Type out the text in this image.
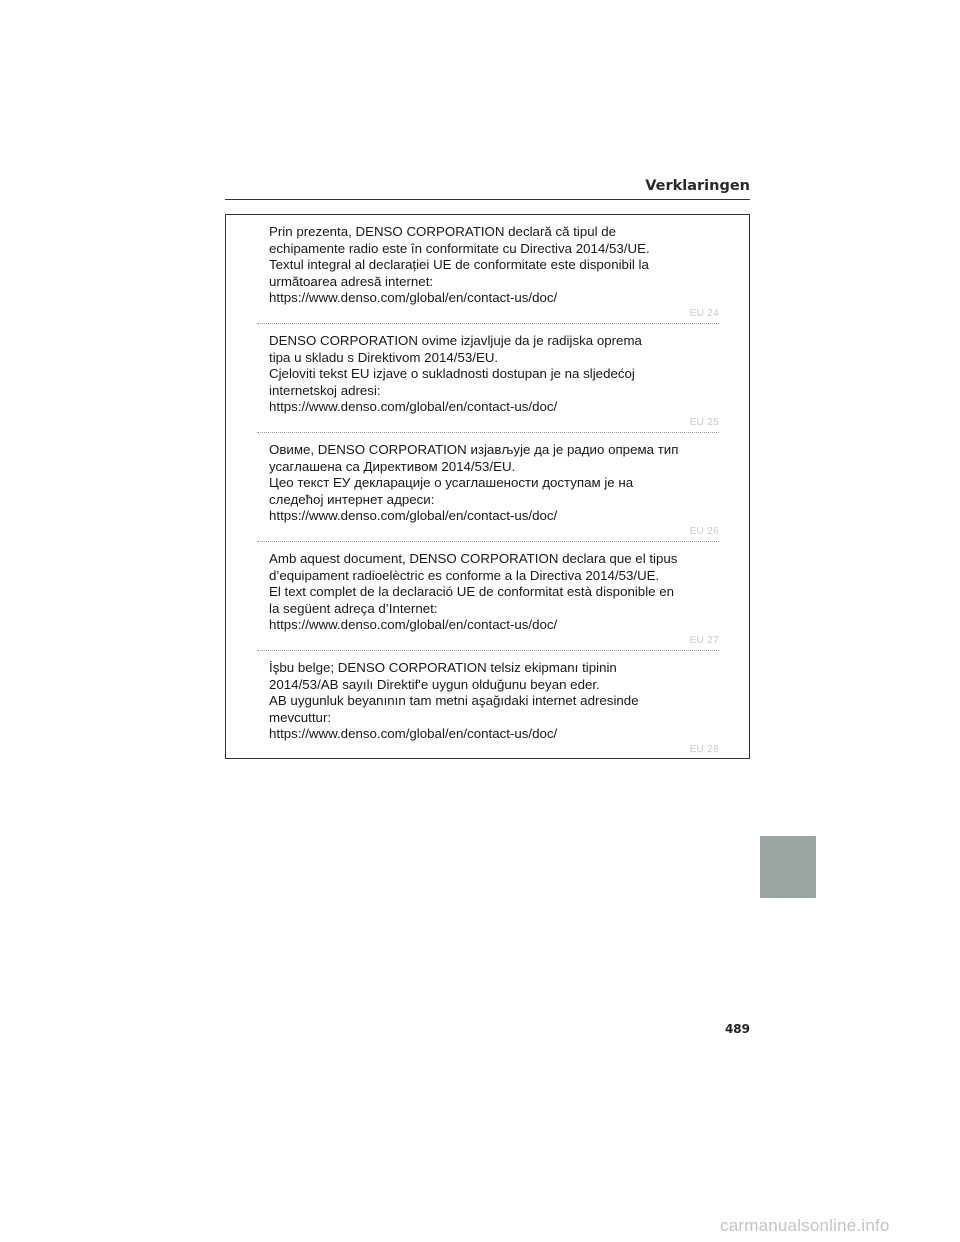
Verklaringen

Prin prezenta, DENSO CORPORATION declară că tipul de
echipamente radio este în conformitate cu Directiva 2014/53/UE.
Textul integral al declarației UE de conformitate este disponibil la
următoarea adresă internet:
https://www.denso.com/global/en/contact-us/doc/

EU 24

DENSO CORPORATION ovime izjavljuje da je radijska oprema
tipa u skladu s Direktivom 2014/53/EU.
Cjeloviti tekst EU izjave o sukladnosti dostupan je na sljedećoj
internetskoj adresi:
https://www.denso.com/global/en/contact-us/doc/

EU 25

Овиме, DENSO CORPORATION изјављује да је радио опрема тип
усаглашена са Директивом 2014/53/EU.
Цео текст ЕУ декларације о усаглашености доступам је на
следећој интернет адреси:
https://www.denso.com/global/en/contact-us/doc/

EU 26

Amb aquest document, DENSO CORPORATION declara que el tipus
d’equipament radioelèctric es conforme a la Directiva 2014/53/UE.
El text complet de la declaració UE de conformitat està disponible en
la següent adreça d’Internet:
https://www.denso.com/global/en/contact-us/doc/

EU 27

İşbu belge; DENSO CORPORATION telsiz ekipmanı tipinin
2014/53/AB sayılı Direktif'e uygun olduğunu beyan eder.
AB uygunluk beyanının tam metni aşağıdaki internet adresinde
mevcuttur:
https://www.denso.com/global/en/contact-us/doc/

EU 28
489
carmanualsonline.info
